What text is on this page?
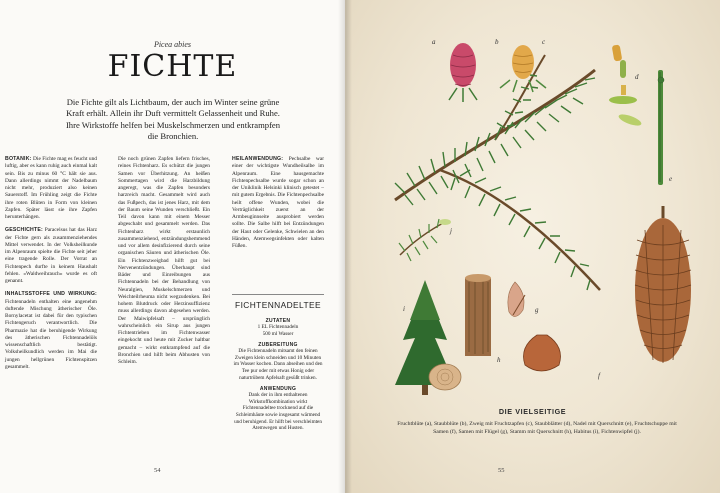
Picea abies
FICHTE
Die Fichte gilt als Lichtbaum, der auch im Winter seine grüne Kraft erhält. Allein ihr Duft vermittelt Gelassenheit und Ruhe. Ihre Wirkstoffe helfen bei Muskelschmerzen und entkrampfen die Bronchien.

BOTANIK: Die Fichte mag es feucht und luftig, aber es kann ruhig auch einmal kalt sein. Bis zu minus 60 °C hält sie aus. Dann allerdings nimmt der Nadelbaum nicht mehr, produziert also keinen Sauerstoff. Im Frühling zeigt die Fichte ihre roten Blüten in Form von kleinen Zapfen. Später lässt sie ihre Zapfen herunterhängen.

GESCHICHTE: Paracelsus hat das Harz der Fichte gern als zusammenziehendes Mittel verwendet. In der Volksheilkunde im Alpenraum spielte die Fichte seit jeher eine tragende Rolle. Der Vorrat an Fichtenpech durfte in keinem Haushalt fehlen. »Waldweihrauch« wurde es oft genannt.

INHALTSSTOFFE UND WIRKUNG: Fichtennadeln enthalten eine angenehm duftende Mischung ätherischer Öle. Bornylacetat ist dabei für den typischen Fichtengeruch verantwortlich. Die Pharmazie hat die beruhigende Wirkung des ätherischen Fichtennadelöls wissenschaftlich bestätigt. Volksheilkundlich werden im Mai die jungen hellgrünen Fichtenspitzen gesammelt.

Die noch grünen Zapfen liefern frisches, reines Fichtenharz. Es schützt die jungen Samen vor Überhitzung. An heißen Sommertagen wird die Harzbildung angeregt, was die Zapfen besonders harzreich macht. Gesammelt wird auch das Fußpech, das ist jenes Harz, mit dem der Baum seine Wunden verschließt. Ein Teil davon kann mit einem Messer abgeschabt und gesammelt werden. Das Fichtenharz wirkt erstaunlich zusammenziehend, entzündungshemmend und vor allem desinfizierend durch seine organischen Säuren und ätherischen Öle. Ein Fichtenzweigbad hilft gut bei Nervenentzündungen. Überhaupt sind Bäder und Einreibungen aus Fichtennadeln bei der Behandlung von Neuralgien, Muskelschmerzen und Weichteilrheuma nicht wegzudenken. Bei hohem Blutdruck oder Herzinsuffizienz muss allerdings davon abgesehen werden. Der Maiwipfelsaft – ursprünglich wahrscheinlich ein Sirup aus jungen Fichtentrieben im Fichtenwasser eingekocht und heute mit Zucker haltbar gemacht – wirkt entkrampfend auf die Bronchien und hilft beim Abhusten von Schleim.

HEILANWENDUNG: Pechsalbe war einer der wichtigste Wundheilsalbe im Alpenraum. Eine hausgemachte Fichtenpechsalbe wurde sogar schon an der Uniklinik Helsinki klinisch getestet – mit gutem Ergebnis. Die Fichtenpechsalbe heilt offene Wunden, wobei die Verträglichkeit zuerst an der Armbeuginnseite ausprobiert werden sollte. Die Salbe hilft bei Entzündungen der Haut oder Gelenke, Schwielen an den Händen, Atemwegsinfekten oder kalten Füßen.

FICHTENNADELTEE
ZUTATEN
1 EL Fichtennadeln
500 ml Wasser
ZUBEREITUNG
Die Fichtennadeln mitsamt den feinen Zweigen klein schneiden und 10 Minuten im Wasser kochen. Dann abseihen und den Tee pur oder mit etwas Honig oder naturtrübem Apfelsaft gesüßt trinken.
ANWENDUNG
Dank der in ihm enthaltenen Wirkstoffkombination wirkt Fichtennadeltee trocknend auf die Schleimhäute sowie insgesamt wärmend und beruhigend. Er hilft bei verschleimten Atemwegen und Husten.
54
a	b	c
d
e
f
g
h
i
j
55
DIE VIELSEITIGE
Fruchtblüte (a), Staubblüte (b), Zweig mit Fruchtzapfen (c), Staubblätter (d), Nadel mit Querschnitt (e), Fruchtschuppe mit Samen (f), Samen mit Flügel (g), Stamm mit Querschnitt (h), Habitus (i), Fichtenwipfel (j).
